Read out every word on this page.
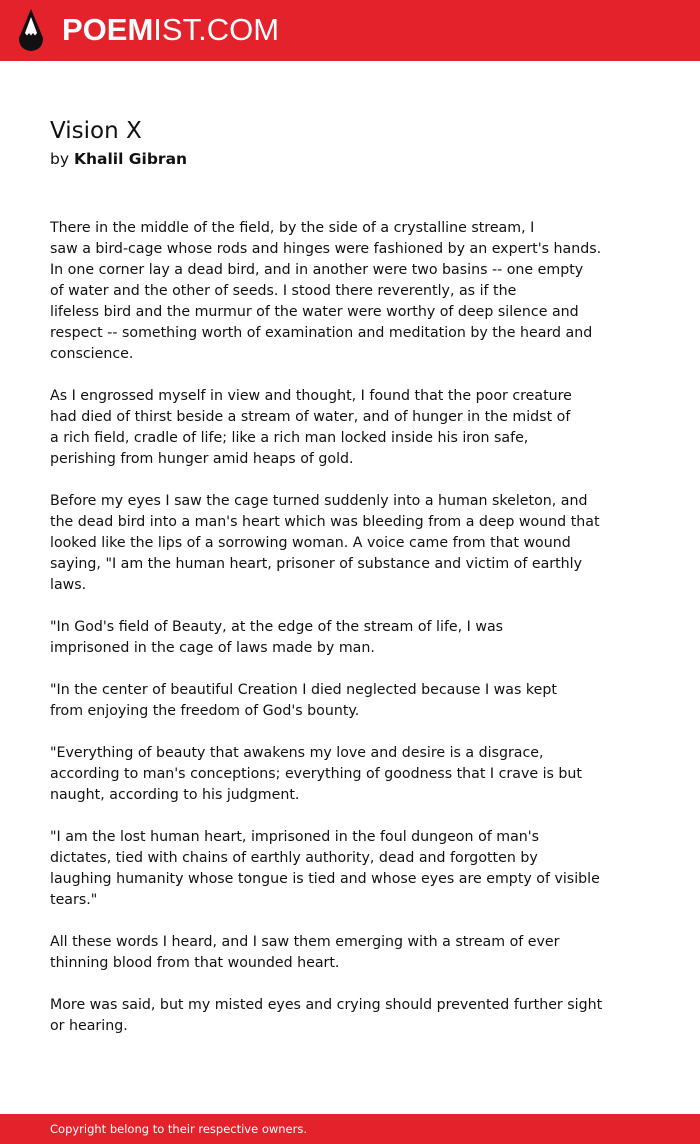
POEMIST.COM
Vision X

by Khalil Gibran

There in the middle of the field, by the side of a crystalline stream, I
saw a bird-cage whose rods and hinges were fashioned by an expert's hands.
In one corner lay a dead bird, and in another were two basins -- one empty
of water and the other of seeds. I stood there reverently, as if the
lifeless bird and the murmur of the water were worthy of deep silence and
respect -- something worth of examination and meditation by the heard and
conscience.
As I engrossed myself in view and thought, I found that the poor creature
had died of thirst beside a stream of water, and of hunger in the midst of
a rich field, cradle of life; like a rich man locked inside his iron safe,
perishing from hunger amid heaps of gold.
Before my eyes I saw the cage turned suddenly into a human skeleton, and
the dead bird into a man's heart which was bleeding from a deep wound that
looked like the lips of a sorrowing woman. A voice came from that wound
saying, "I am the human heart, prisoner of substance and victim of earthly
laws.
"In God's field of Beauty, at the edge of the stream of life, I was
imprisoned in the cage of laws made by man.
"In the center of beautiful Creation I died neglected because I was kept
from enjoying the freedom of God's bounty.
"Everything of beauty that awakens my love and desire is a disgrace,
according to man's conceptions; everything of goodness that I crave is but
naught, according to his judgment.
"I am the lost human heart, imprisoned in the foul dungeon of man's
dictates, tied with chains of earthly authority, dead and forgotten by
laughing humanity whose tongue is tied and whose eyes are empty of visible
tears."
All these words I heard, and I saw them emerging with a stream of ever
thinning blood from that wounded heart.
More was said, but my misted eyes and crying should prevented further sight
or hearing.
Copyright belong to their respective owners.
